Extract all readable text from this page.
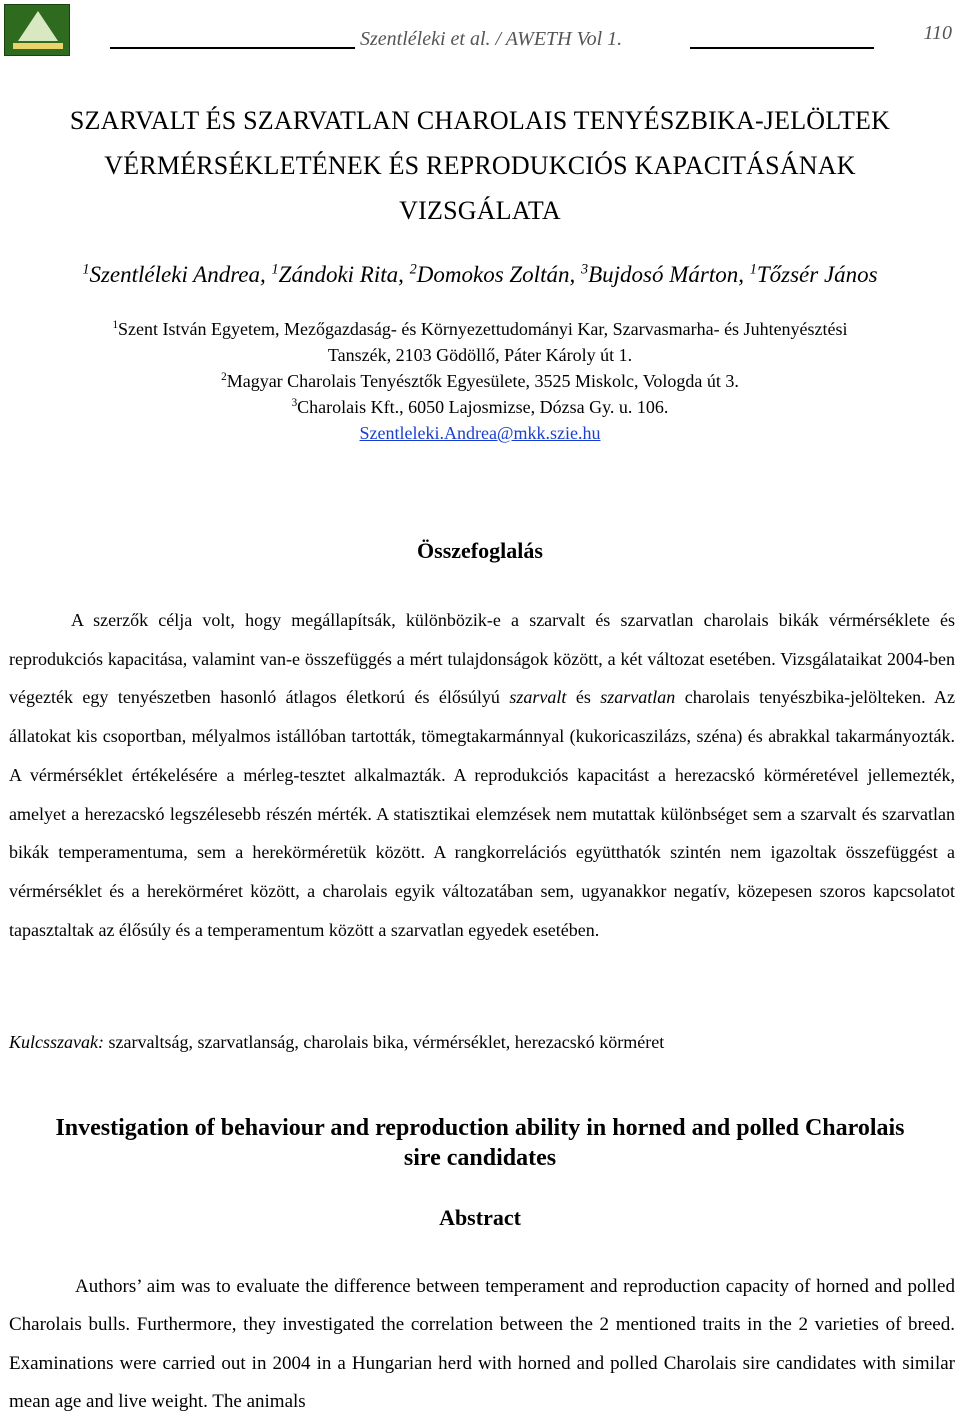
Szentléleki et al. / AWETH Vol 1.	110
SZARVALT ÉS SZARVATLAN CHAROLAIS TENYÉSZBIKA-JELÖLTEK
VÉRMÉRSÉKLETÉNEK ÉS REPRODUKCIÓS KAPACITÁSÁNAK
VIZSGÁLATA
$^1$Szentléleki Andrea, $^1$Zándoki Rita, $^2$Domokos Zoltán, $^3$Bujdosó Márton, $^1$Tőzsér János
$^1$Szent István Egyetem, Mezőgazdaság- és Környezettudományi Kar, Szarvasmarha- és Juhtenyésztési
Tanszék, 2103 Gödöllő, Páter Károly út 1.
$^2$Magyar Charolais Tenyésztők Egyesülete, 3525 Miskolc, Vologda út 3.
$^3$Charolais Kft., 6050 Lajosmizse, Dózsa Gy. u. 106.
Szentleleki.Andrea@mkk.szie.hu
Összefoglalás

A szerzők célja volt, hogy megállapítsák, különbözik-e a szarvalt és szarvatlan charolais bikák vérmérséklete és reprodukciós kapacitása, valamint van-e összefüggés a mért tulajdonságok között, a két változat esetében. Vizsgálataikat 2004-ben végezték egy tenyészetben hasonló átlagos életkorú és élősúlyú szarvalt és szarvatlan charolais tenyészbika-jelölteken. Az állatokat kis csoportban, mélyalmos istállóban tartották, tömegtakarmánnyal (kukoricaszilázs, széna) és abrakkal takarmányozták. A vérmérséklet értékelésére a mérleg-tesztet alkalmazták. A reprodukciós kapacitást a herezacskó körméretével jellemezték, amelyet a herezacskó legszélesebb részén mérték. A statisztikai elemzések nem mutattak különbséget sem a szarvalt és szarvatlan bikák temperamentuma, sem a herekörméretük között. A rangkorrelációs együtthatók szintén nem igazoltak összefüggést a vérmérséklet és a herekörméret között, a charolais egyik változatában sem, ugyanakkor negatív, közepesen szoros kapcsolatot tapasztaltak az élősúly és a temperamentum között a szarvatlan egyedek esetében.

Kulcsszavak: szarvaltság, szarvatlanság, charolais bika, vérmérséklet, herezacskó körméret
Investigation of behaviour and reproduction ability in horned and polled Charolais
sire candidates
Abstract

Authors’ aim was to evaluate the difference between temperament and reproduction capacity of horned and polled Charolais bulls. Furthermore, they investigated the correlation between the 2 mentioned traits in the 2 varieties of breed. Examinations were carried out in 2004 in a Hungarian herd with horned and polled Charolais sire candidates with similar mean age and live weight. The animals
